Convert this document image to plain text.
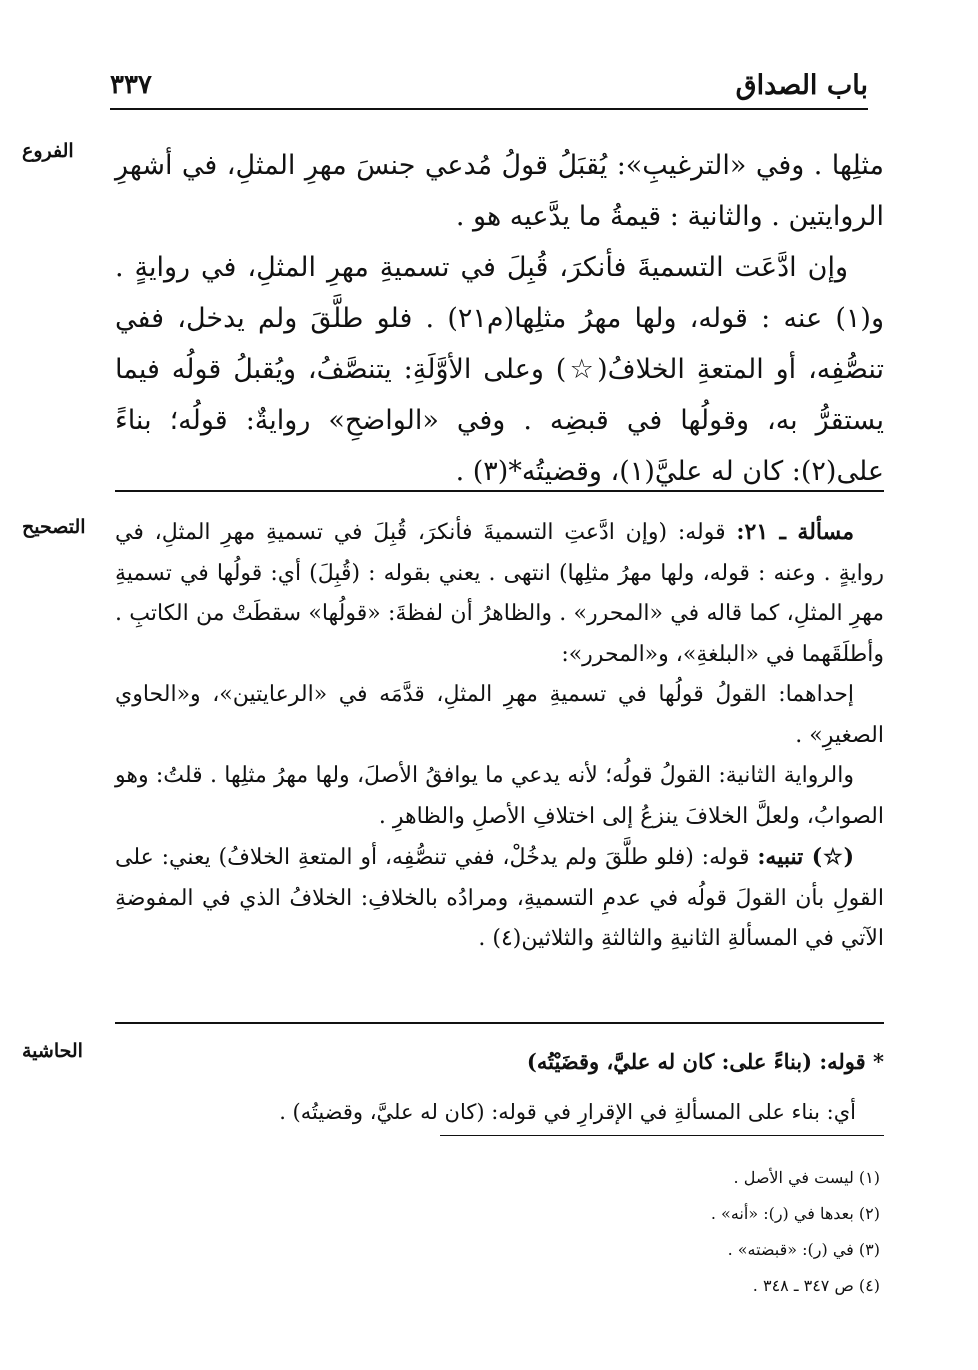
باب الصداق
٣٣٧
الفروع	مثلِها . وفي «الترغيبِ»: يُقبَلُ قولُ مُدعي جنسَ مهرِ المثلِ، في أشهرِ الروايتين . والثانية : قيمةُ ما يدَّعيه هو .

وإن ادَّعَت التسميةَ فأنكرَ، قُبِلَ في تسميةِ مهرِ المثلِ، في روايةٍ . و(١) عنه : قوله، ولها مهرُ مثلِها(م٢١) . فلو طلَّقَ ولم يدخل، ففي تنصُّفِه، أو المتعةِ الخلافُ(☆) وعلى الأوَّلَةِ: يتنصَّفُ، ويُقبلُ قولُه فيما يستقرُّ به، وقولُها في قبضِه . وفي «الواضحِ» روايةٌ: قولُه؛ بناءً على(٢): كان له عليَّ(١)، وقضيتُه*(٣) .

التصحيح	مسألة ـ ٢١: قوله: (وإن ادَّعتِ التسميةَ فأنكرَ، قُبِلَ في تسميةِ مهرِ المثلِ، في روايةٍ . وعنه : قوله، ولها مهرُ مثلِها) انتهى . يعني بقوله : (قُبِلَ) أي: قولُها في تسميةِ مهرِ المثلِ، كما قاله في «المحرر» . والظاهرُ أن لفظةَ: «قولُها» سقطَتْ من الكاتبِ . وأطلَقَهما في «البلغةِ»، و«المحرر»:

إحداهما: القولُ قولُها في تسميةِ مهرِ المثلِ، قدَّمَه في «الرعايتين»، و«الحاوي الصغيرِ» .

والرواية الثانية: القولُ قولُه؛ لأنه يدعي ما يوافقُ الأصلَ، ولها مهرُ مثلِها . قلتُ: وهو الصوابُ، ولعلَّ الخلافَ ينزعُ إلى اختلافِ الأصلِ والظاهرِ .

(☆) تنبيه: قوله: (فلو طلَّقَ ولم يدخُلْ، ففي تنصُّفِه، أو المتعةِ الخلافُ) يعني: على القولِ بأن القولَ قولُه في عدمِ التسميةِ، ومرادُه بالخلافِ: الخلافُ الذي في المفوضةِ الآتي في المسألةِ الثانيةِ والثالثةِ والثلاثين(٤) .

الحاشية	* قوله: (بناءً على: كان له عليَّ، وقضَيْتُه)

أي: بناء على المسألةِ في الإقرارِ في قوله: (كان له عليَّ، وقضيتُه) .

(١) ليست في الأصل .

(٢) بعدها في (ر): «أنه» .

(٣) في (ر): «قبضته» .

(٤) ص ٣٤٧ ـ ٣٤٨ .
